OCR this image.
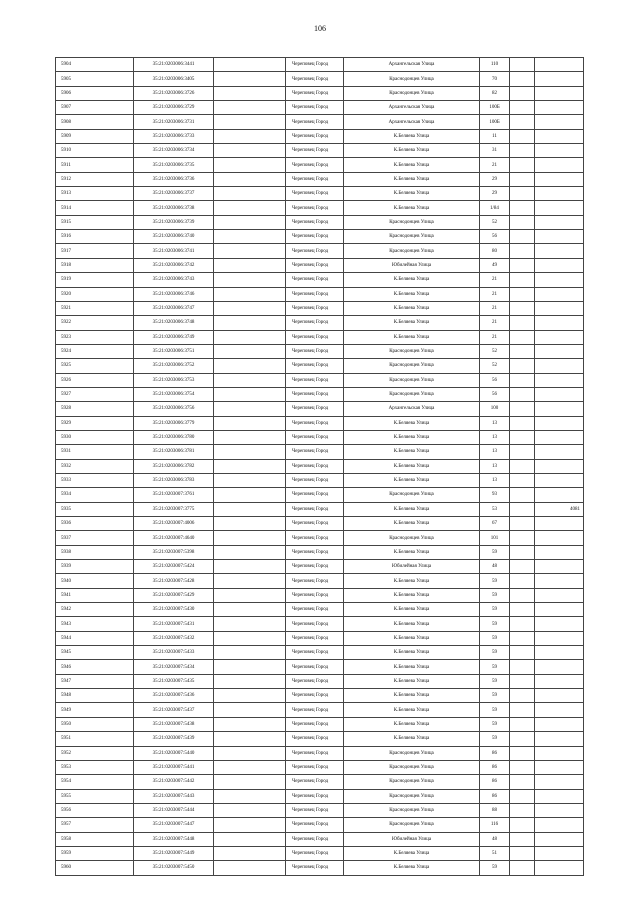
106
5904	35:21:0203006:3441		Череповец Город	Архангельская Улица	110		
5905	35:21:0203006:3405		Череповец Город	Краснодонцев Улица	70		
5906	35:21:0203006:3726		Череповец Город	Краснодонцев Улица	82		
5907	35:21:0203006:3729		Череповец Город	Архангельская Улица	100Б		
5908	35:21:0203006:3731		Череповец Город	Архангельская Улица	100Б		
5909	35:21:0203006:3733		Череповец Город	К.Беляева Улица	11		
5910	35:21:0203006:3734		Череповец Город	К.Беляева Улица	31		
5911	35:21:0203006:3735		Череповец Город	К.Беляева Улица	21		
5912	35:21:0203006:3736		Череповец Город	К.Беляева Улица	29		
5913	35:21:0203006:3737		Череповец Город	К.Беляева Улица	29		
5914	35:21:0203006:3738		Череповец Город	К.Беляева Улица	1/84		
5915	35:21:0203006:3739		Череповец Город	Краснодонцев Улица	52		
5916	35:21:0203006:3740		Череповец Город	Краснодонцев Улица	56		
5917	35:21:0203006:3741		Череповец Город	Краснодонцев Улица	80		
5918	35:21:0203006:3742		Череповец Город	Юбилейная Улица	49		
5919	35:21:0203006:3743		Череповец Город	К.Беляева Улица	21		
5920	35:21:0203006:3746		Череповец Город	К.Беляева Улица	21		
5921	35:21:0203006:3747		Череповец Город	К.Беляева Улица	21		
5922	35:21:0203006:3748		Череповец Город	К.Беляева Улица	21		
5923	35:21:0203006:3749		Череповец Город	К.Беляева Улица	21		
5924	35:21:0203006:3751		Череповец Город	Краснодонцев Улица	52		
5925	35:21:0203006:3752		Череповец Город	Краснодонцев Улица	52		
5926	35:21:0203006:3753		Череповец Город	Краснодонцев Улица	56		
5927	35:21:0203006:3754		Череповец Город	Краснодонцев Улица	56		
5928	35:21:0203006:3756		Череповец Город	Архангельская Улица	100		
5929	35:21:0203006:3779		Череповец Город	К.Беляева Улица	13		
5930	35:21:0203006:3780		Череповец Город	К.Беляева Улица	13		
5931	35:21:0203006:3781		Череповец Город	К.Беляева Улица	13		
5932	35:21:0203006:3782		Череповец Город	К.Беляева Улица	13		
5933	35:21:0203006:3783		Череповец Город	К.Беляева Улица	13		
5934	35:21:0203007:3761		Череповец Город	Краснодонцев Улица	93		
5935	35:21:0203007:3775		Череповец Город	К.Беляева Улица	53		4081
5936	35:21:0203007:4006		Череповец Город	К.Беляева Улица	67		
5937	35:21:0203007:4640		Череповец Город	Краснодонцев Улица	101		
5938	35:21:0203007:5398		Череповец Город	К.Беляева Улица	59		
5939	35:21:0203007:5424		Череповец Город	Юбилейная Улица	48		
5940	35:21:0203007:5428		Череповец Город	К.Беляева Улица	59		
5941	35:21:0203007:5429		Череповец Город	К.Беляева Улица	59		
5942	35:21:0203007:5430		Череповец Город	К.Беляева Улица	59		
5943	35:21:0203007:5431		Череповец Город	К.Беляева Улица	59		
5944	35:21:0203007:5432		Череповец Город	К.Беляева Улица	59		
5945	35:21:0203007:5433		Череповец Город	К.Беляева Улица	59		
5946	35:21:0203007:5434		Череповец Город	К.Беляева Улица	59		
5947	35:21:0203007:5435		Череповец Город	К.Беляева Улица	59		
5948	35:21:0203007:5436		Череповец Город	К.Беляева Улица	59		
5949	35:21:0203007:5437		Череповец Город	К.Беляева Улица	59		
5950	35:21:0203007:5438		Череповец Город	К.Беляева Улица	59		
5951	35:21:0203007:5439		Череповец Город	К.Беляева Улица	59		
5952	35:21:0203007:5440		Череповец Город	Краснодонцев Улица	86		
5953	35:21:0203007:5441		Череповец Город	Краснодонцев Улица	86		
5954	35:21:0203007:5442		Череповец Город	Краснодонцев Улица	86		
5955	35:21:0203007:5443		Череповец Город	Краснодонцев Улица	86		
5956	35:21:0203007:5444		Череповец Город	Краснодонцев Улица	88		
5957	35:21:0203007:5447		Череповец Город	Краснодонцев Улица	116		
5958	35:21:0203007:5448		Череповец Город	Юбилейная Улица	48		
5959	35:21:0203007:5449		Череповец Город	К.Беляева Улица	51		
5960	35:21:0203007:5450		Череповец Город	К.Беляева Улица	59		
